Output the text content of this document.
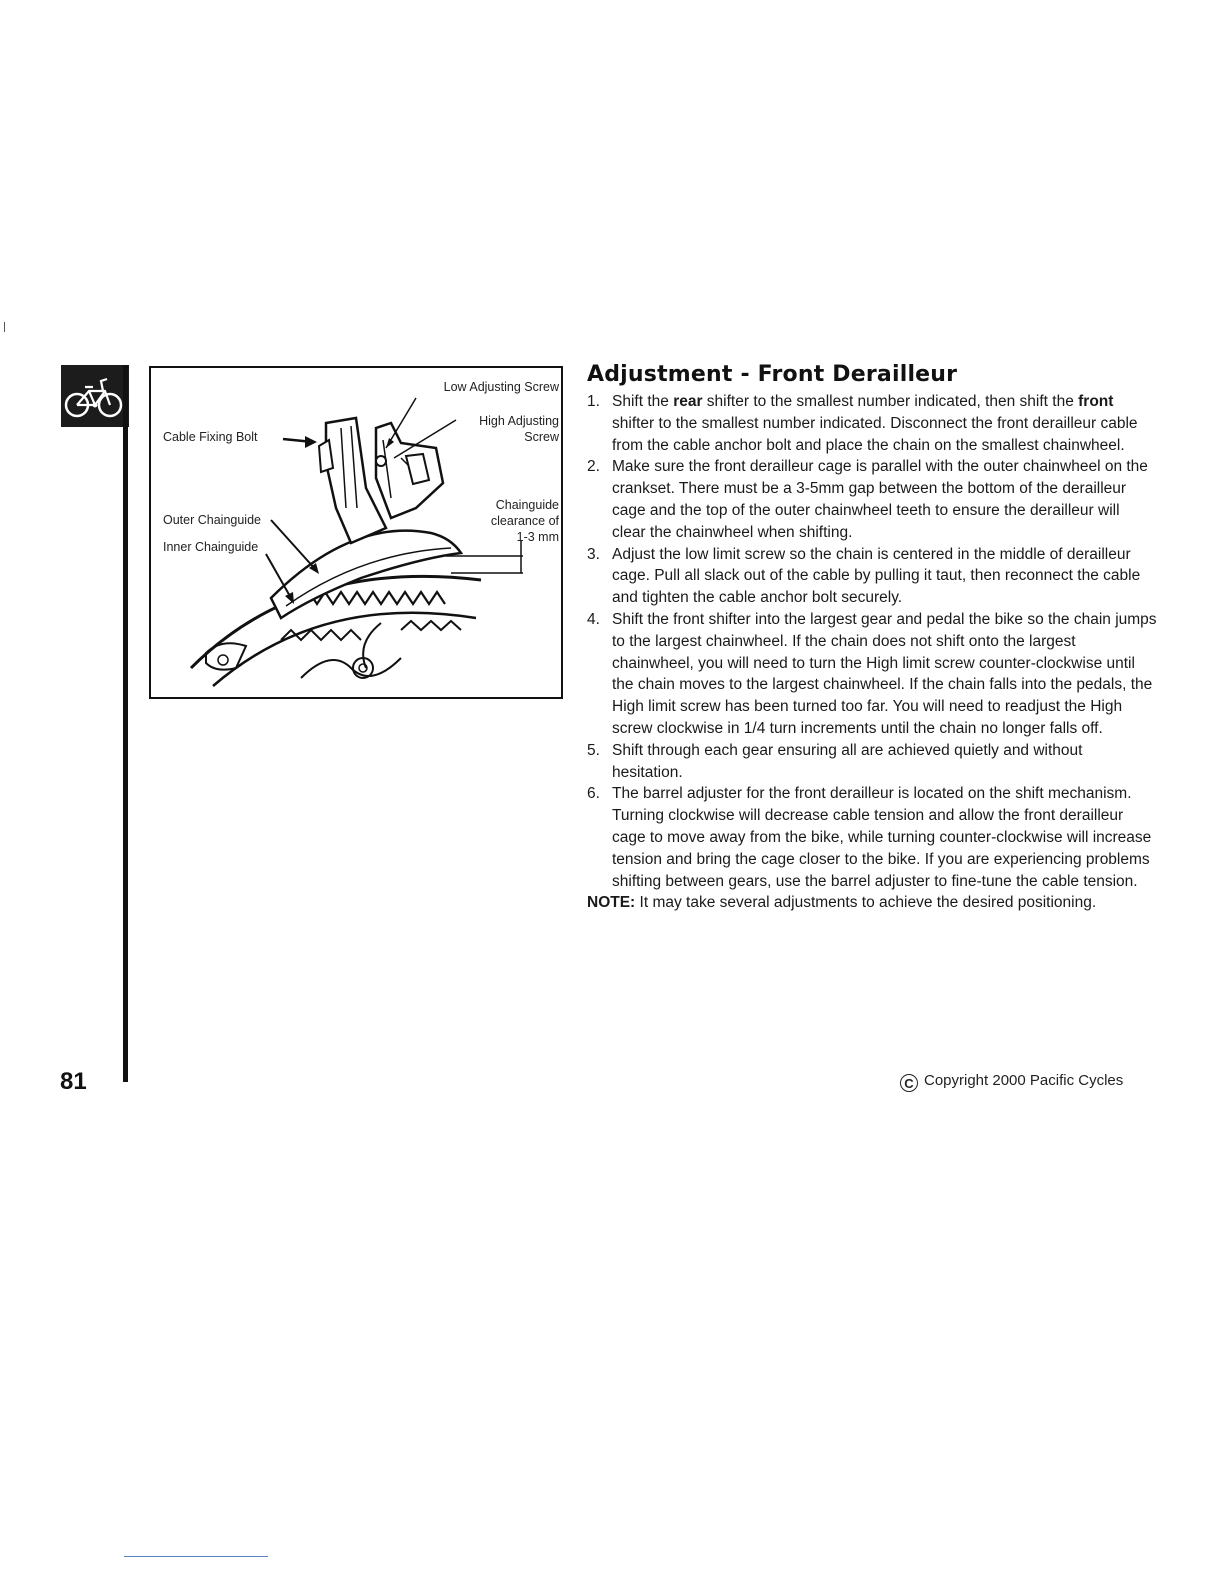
Low Adjusting Screw
High Adjusting
Screw
Cable Fixing Bolt
Chainguide
clearance of
1-3 mm
Outer Chainguide
Inner Chainguide
Adjustment - Front Derailleur
1. Shift the rear shifter to the smallest number indicated, then shift the front shifter to the smallest number indicated. Disconnect the front derailleur cable from the cable anchor bolt and place the chain on the smallest chainwheel.
2. Make sure the front derailleur cage is parallel with the outer chainwheel on the crankset. There must be a 3-5mm gap between the bottom of the derailleur cage and the top of the outer chainwheel teeth to ensure the derailleur will clear the chainwheel when shifting.
3. Adjust the low limit screw so the chain is centered in the middle of derailleur cage. Pull all slack out of the cable by pulling it taut, then reconnect the cable and tighten the cable anchor bolt securely.
4. Shift the front shifter into the largest gear and pedal the bike so the chain jumps to the largest chainwheel. If the chain does not shift onto the largest chainwheel, you will need to turn the High limit screw counter-clockwise until the chain moves to the largest chainwheel. If the chain falls into the pedals, the High limit screw has been turned too far. You will need to readjust the High screw clockwise in 1/4 turn increments until the chain no longer falls off.
5. Shift through each gear ensuring all are achieved quietly and without hesitation.
6. The barrel adjuster for the front derailleur is located on the shift mechanism. Turning clockwise will decrease cable tension and allow the front derailleur cage to move away from the bike, while turning counter-clockwise will increase tension and bring the cage closer to the bike. If you are experiencing problems shifting between gears, use the barrel adjuster to fine-tune the cable tension.
NOTE: It may take several adjustments to achieve the desired positioning.
81	C Copyright 2000 Pacific Cycles
